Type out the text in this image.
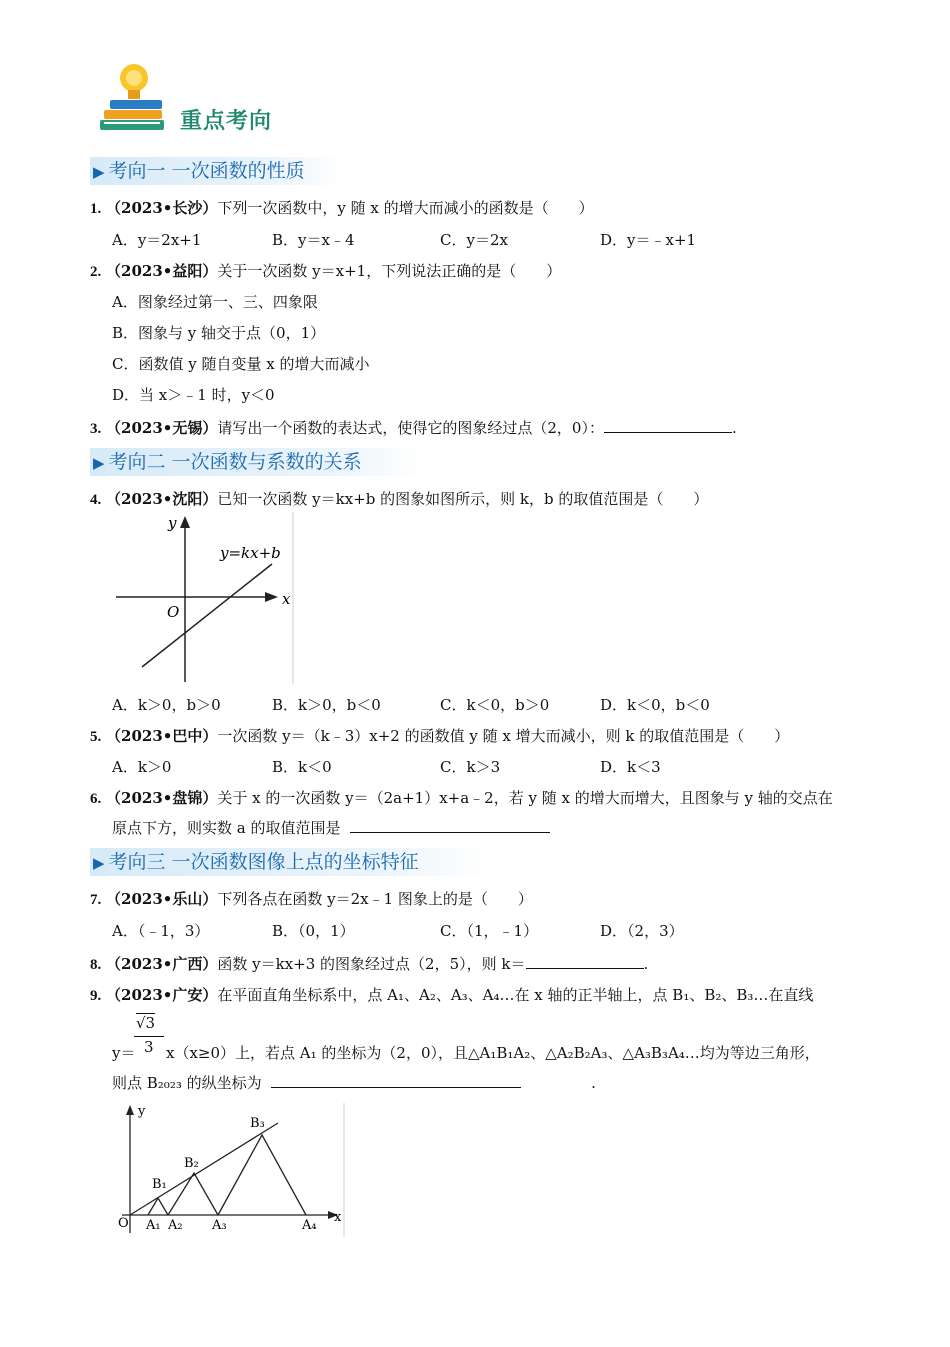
重点考向
▶ 考向一 一次函数的性质
1. （2023•长沙）下列一次函数中，y 随 x 的增大而减小的函数是（　　）
A．y＝2x+1	B．y＝x﹣4	C．y＝2x	D．y＝﹣x+1
2. （2023•益阳）关于一次函数 y＝x+1，下列说法正确的是（　　）
A．图象经过第一、三、四象限
B．图象与 y 轴交于点（0，1）
C．函数值 y 随自变量 x 的增大而减小
D．当 x＞﹣1 时，y＜0
3. （2023•无锡）请写出一个函数的表达式，使得它的图象经过点（2，0）：	.
▶ 考向二 一次函数与系数的关系
4. （2023•沈阳）已知一次函数 y＝kx+b 的图象如图所示，则 k，b 的取值范围是（　　）
y
x
O
y=kx+b
A．k＞0，b＞0	B．k＞0，b＜0	C．k＜0，b＞0	D．k＜0，b＜0
5. （2023•巴中）一次函数 y＝（k﹣3）x+2 的函数值 y 随 x 增大而减小，则 k 的取值范围是（　　）
A．k＞0	B．k＜0	C．k＞3	D．k＜3
6. （2023•盘锦）关于 x 的一次函数 y＝（2a+1）x+a﹣2，若 y 随 x 的增大而增大，且图象与 y 轴的交点在
原点下方，则实数 a 的取值范围是
▶ 考向三 一次函数图像上点的坐标特征
7. （2023•乐山）下列各点在函数 y＝2x﹣1 图象上的是（　　）
A．（﹣1，3）	B．（0，1）	C．（1，﹣1）	D．（2，3）
8. （2023•广西）函数 y＝kx+3 的图象经过点（2，5），则 k＝	.
9. （2023•广安）在平面直角坐标系中，点 A₁、A₂、A₃、A₄…在 x 轴的正半轴上，点 B₁、B₂、B₃…在直线
√3
3
y＝ x（x≥0）上，若点 A₁ 的坐标为（2，0），且△A₁B₁A₂、△A₂B₂A₃、△A₃B₃A₄…均为等边三角形，
则点 B₂₀₂₃ 的纵坐标为	.
y
x
O A₁ A₂ A₃	A₄
B₁
B₂
B₃
